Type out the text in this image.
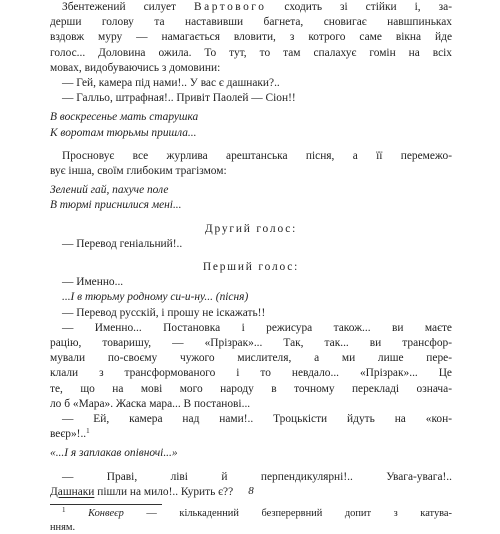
Збентежений силует Вартового сходить зі стійки і, за-

дерши голову та наставивши багнета, сновигає навшпиньках

вздовж муру — намагається вловити, з котрого саме вікна йде

голос... Доловина ожила. То тут, то там спалахує гомін на всіх

мовах, видобуваючись з домовини:

— Гей, камера під нами!.. У вас є дашнаки?..

— Галльо, штрафная!.. Привіт Паолей — Сіон!!

В воскресенье мать старушка

К воротам тюрьмы пришла...

Просновує все журлива арештанська пісня, а її перемежо-

вує інша, своїм глибоким трагізмом:

Зелений гай, пахуче поле

В тюрмі приснилися мені...

Другий голос:

— Перевод геніальний!..

Перший голос:

— Именно...

...І в тюрьму родному си-и-ну... (пісня)

— Перевод русскій, і прошу не іскажать!!

— Именно... Постановка і режисура також... ви маєте

рацію, товаришу, — «Прізрак»... Так, так... ви трансфор-

мували по-своєму чужого мислителя, а ми лише пере-

клали з трансформованого і то невдало... «Прізрак»... Це

те, що на мові мого народу в точному перекладі означа-

ло б «Мара». Жаска мара... В постанові...

— Ей, камера над нами!.. Троцькісти йдуть на «кон-

веєр»!..$^1$

«...І я заплакав опівночі...»

— Праві, ліві й перпендикулярні!.. Увага-увага!..

Дашнаки пішли на мило!.. Курить є??

$^1$ Конвеєр — кількаденний безперервний допит з катува-

нням.

8
